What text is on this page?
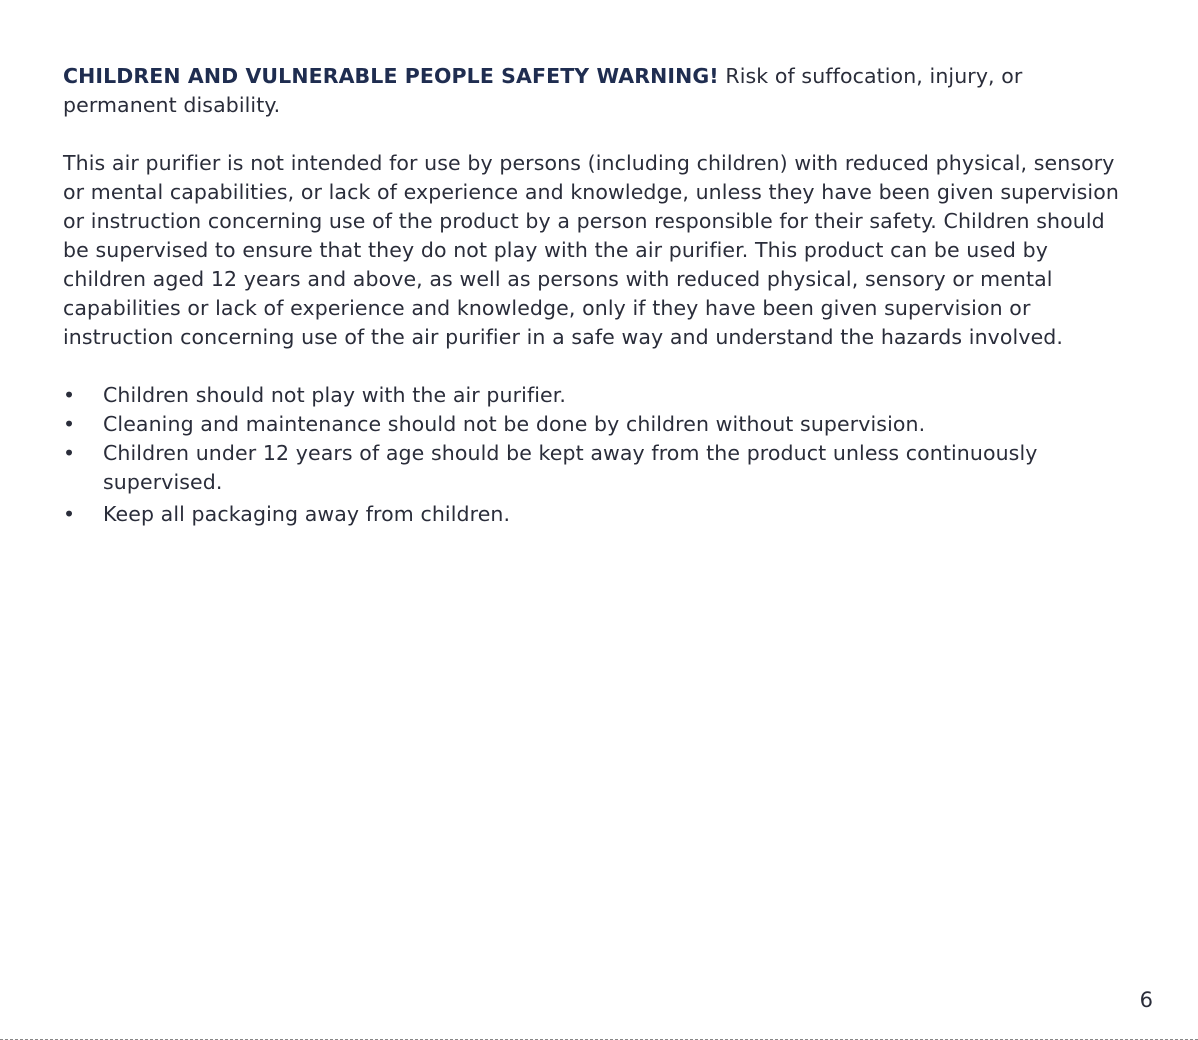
CHILDREN AND VULNERABLE PEOPLE SAFETY WARNING! Risk of suffocation, injury, or permanent disability.

This air purifier is not intended for use by persons (including children) with reduced physical, sensory or mental capabilities, or lack of experience and knowledge, unless they have been given supervision or instruction concerning use of the product by a person responsible for their safety. Children should be supervised to ensure that they do not play with the air purifier. This product can be used by children aged 12 years and above, as well as persons with reduced physical, sensory or mental capabilities or lack of experience and knowledge, only if they have been given supervision or instruction concerning use of the air purifier in a safe way and understand the hazards involved.

• Children should not play with the air purifier.
• Cleaning and maintenance should not be done by children without supervision.
• Children under 12 years of age should be kept away from the product unless continuously supervised.
• Keep all packaging away from children.
6
